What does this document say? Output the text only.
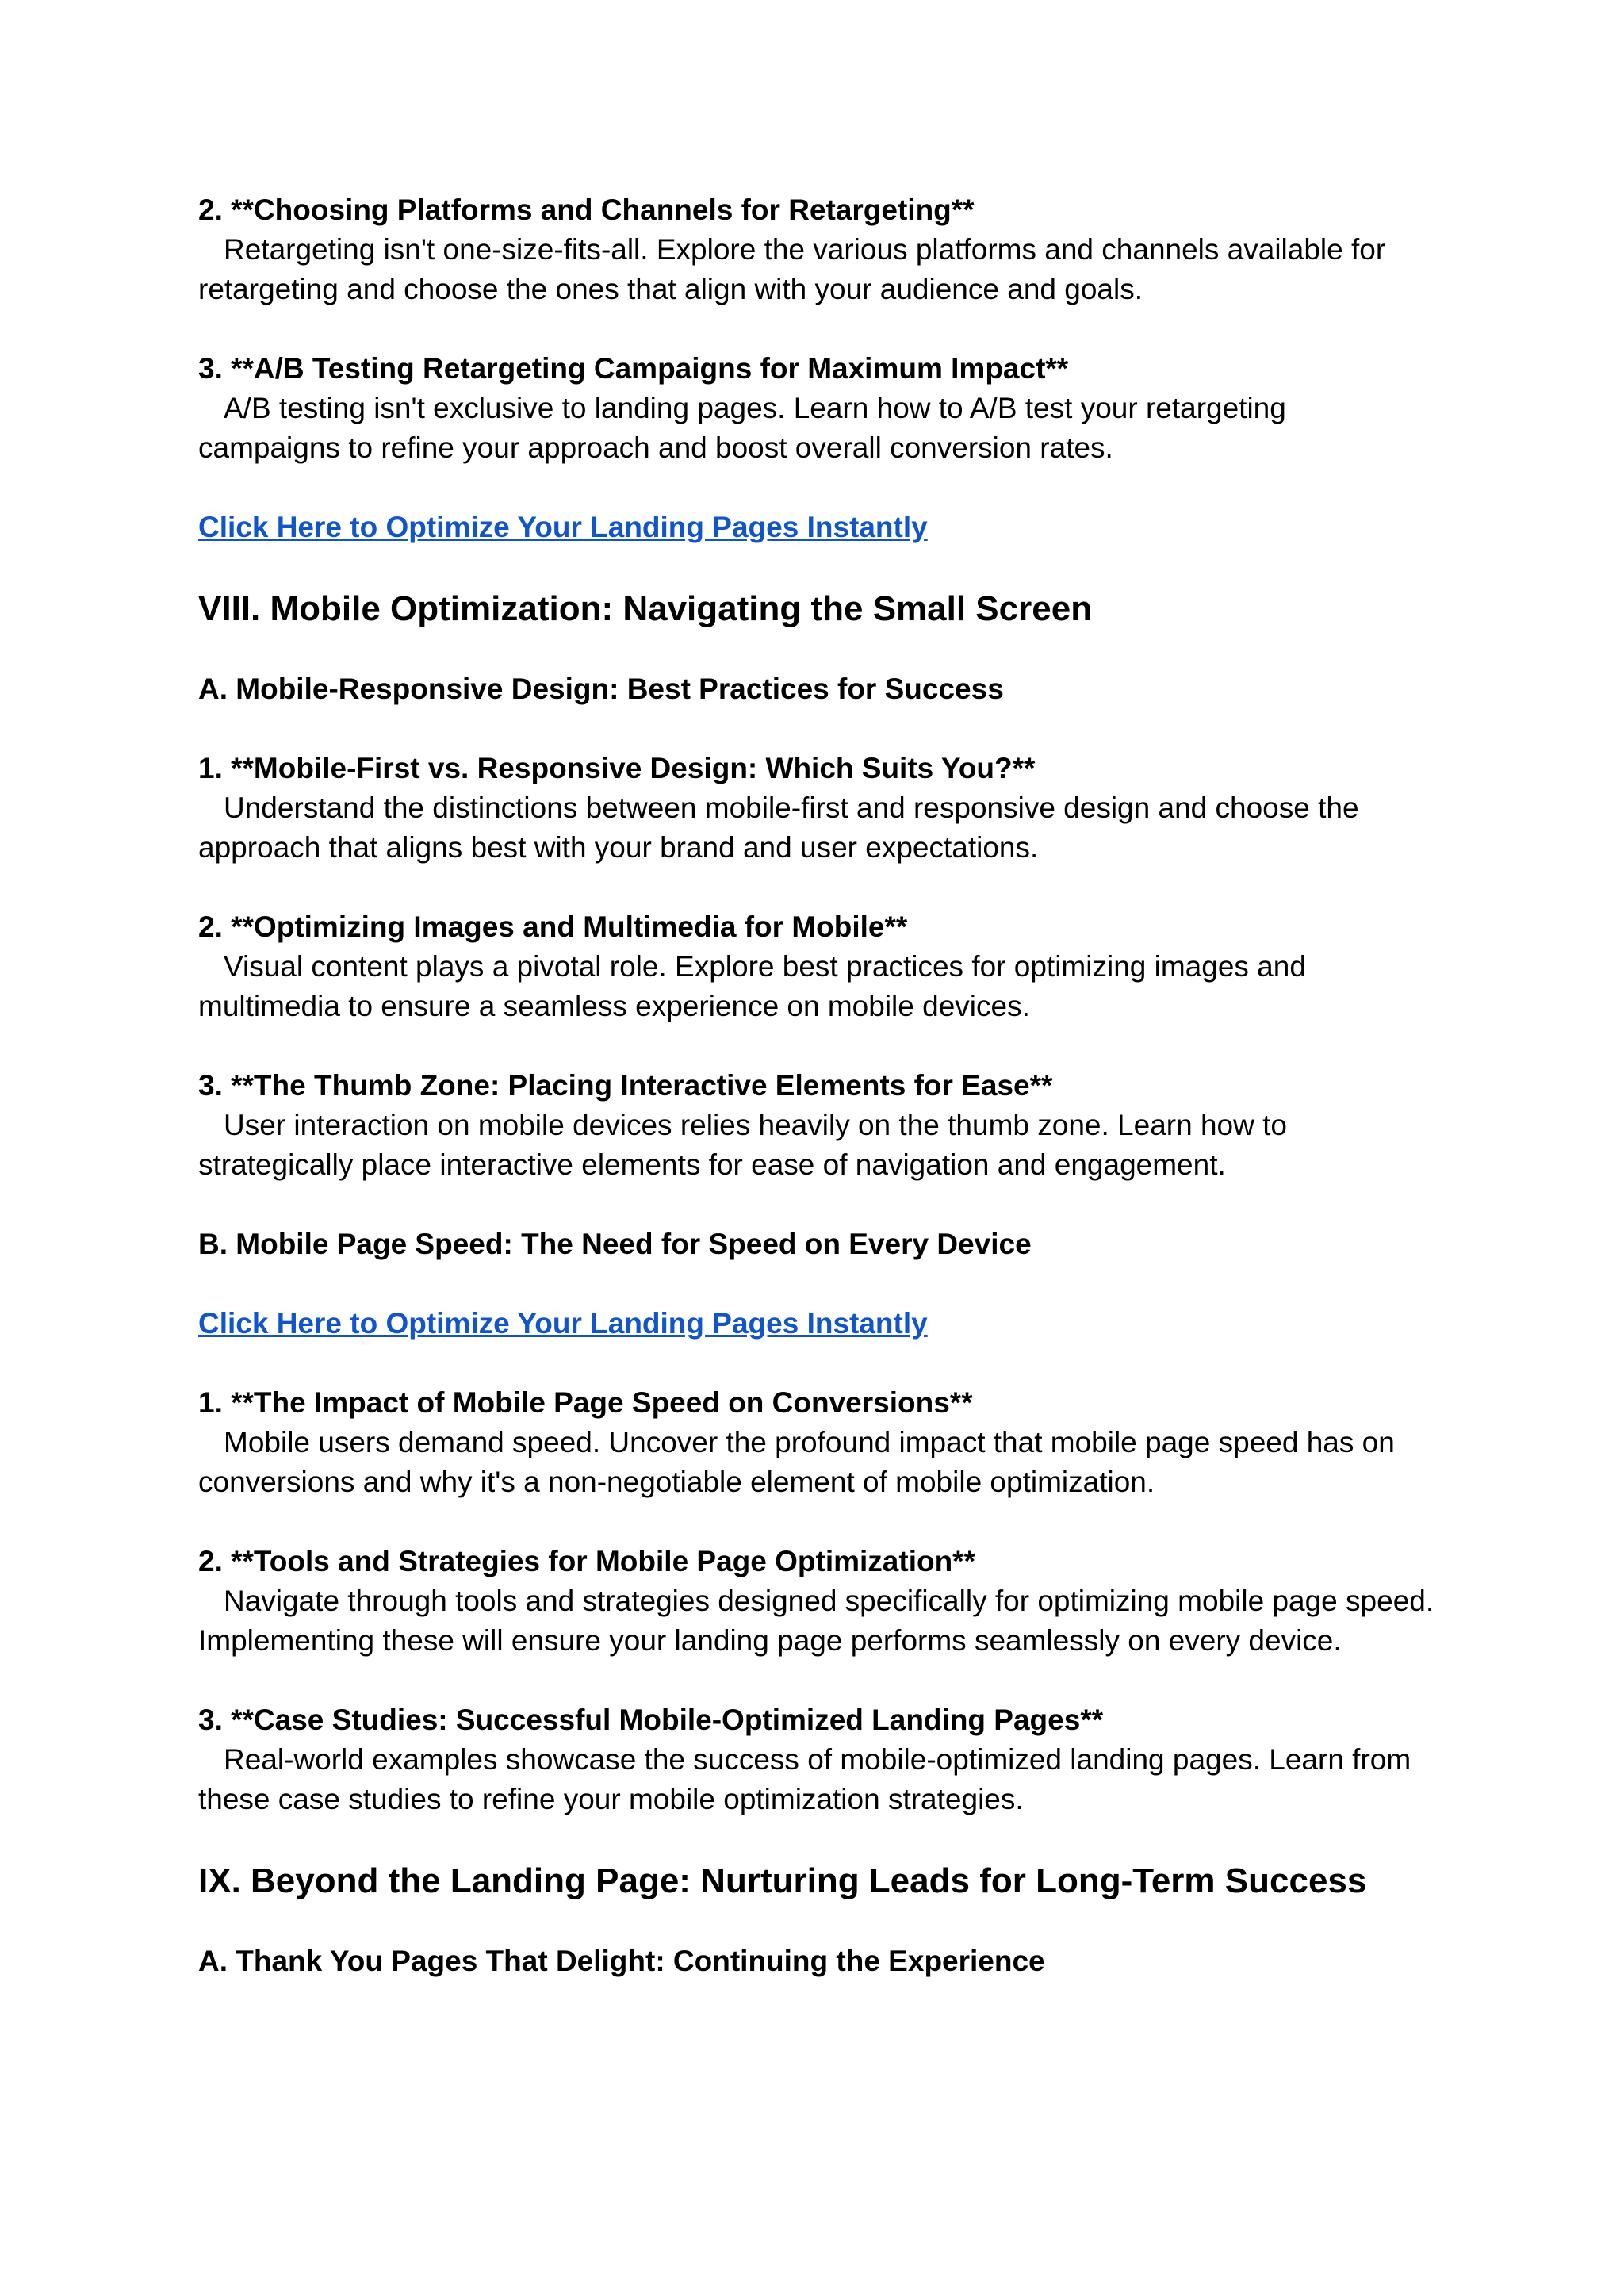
2. **Choosing Platforms and Channels for Retargeting**

Retargeting isn't one-size-fits-all. Explore the various platforms and channels available for retargeting and choose the ones that align with your audience and goals.

3. **A/B Testing Retargeting Campaigns for Maximum Impact**

A/B testing isn't exclusive to landing pages. Learn how to A/B test your retargeting campaigns to refine your approach and boost overall conversion rates.

Click Here to Optimize Your Landing Pages Instantly
VIII. Mobile Optimization: Navigating the Small Screen
A. Mobile-Responsive Design: Best Practices for Success

1. **Mobile-First vs. Responsive Design: Which Suits You?**

Understand the distinctions between mobile-first and responsive design and choose the approach that aligns best with your brand and user expectations.

2. **Optimizing Images and Multimedia for Mobile**

Visual content plays a pivotal role. Explore best practices for optimizing images and multimedia to ensure a seamless experience on mobile devices.

3. **The Thumb Zone: Placing Interactive Elements for Ease**

User interaction on mobile devices relies heavily on the thumb zone. Learn how to strategically place interactive elements for ease of navigation and engagement.

B. Mobile Page Speed: The Need for Speed on Every Device
Click Here to Optimize Your Landing Pages Instantly

1. **The Impact of Mobile Page Speed on Conversions**

Mobile users demand speed. Uncover the profound impact that mobile page speed has on conversions and why it's a non-negotiable element of mobile optimization.

2. **Tools and Strategies for Mobile Page Optimization**

Navigate through tools and strategies designed specifically for optimizing mobile page speed. Implementing these will ensure your landing page performs seamlessly on every device.

3. **Case Studies: Successful Mobile-Optimized Landing Pages**

Real-world examples showcase the success of mobile-optimized landing pages. Learn from these case studies to refine your mobile optimization strategies.

IX. Beyond the Landing Page: Nurturing Leads for Long-Term Success
A. Thank You Pages That Delight: Continuing the Experience
